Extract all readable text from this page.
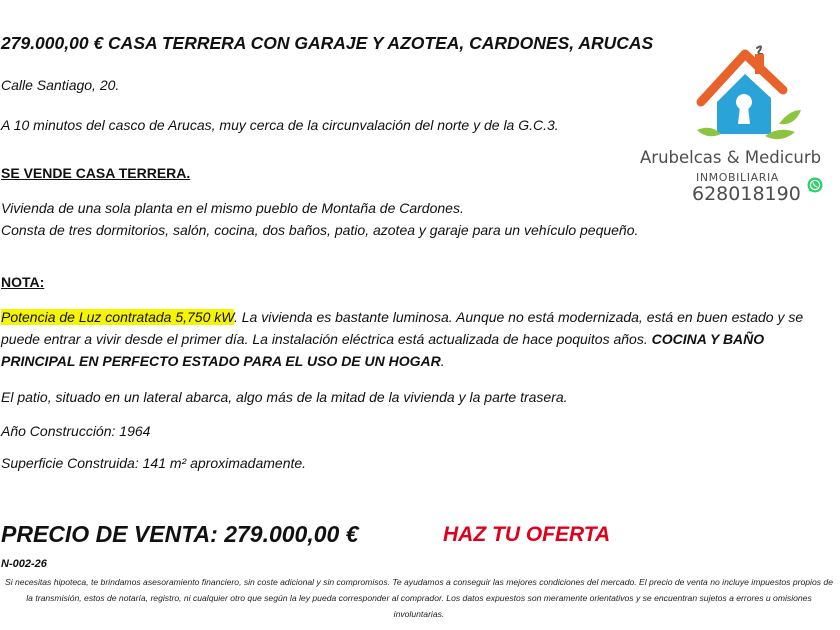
279.000,00 € CASA TERRERA CON GARAJE Y AZOTEA, CARDONES, ARUCAS
Calle Santiago, 20.
A 10 minutos del casco de Arucas, muy cerca de la circunvalación del norte y de la G.C.3.
SE VENDE CASA TERRERA.
Vivienda de una sola planta en el mismo pueblo de Montaña de Cardones.
Consta de tres dormitorios, salón, cocina, dos baños, patio, azotea y garaje para un vehículo pequeño.
NOTA:
Potencia de Luz contratada 5,750 kW. La vivienda es bastante luminosa. Aunque no está modernizada, está en buen estado y se puede entrar a vivir desde el primer día. La instalación eléctrica está actualizada de hace poquitos años. COCINA Y BAÑO PRINCIPAL EN PERFECTO ESTADO PARA EL USO DE UN HOGAR.
El patio, situado en un lateral abarca, algo más de la mitad de la vivienda y la parte trasera.
Año Construcción: 1964
Superficie Construida: 141 m² aproximadamente.
PRECIO DE VENTA: 279.000,00 €	HAZ TU OFERTA
N-002-26
Si necesitas hipoteca, te brindamos asesoramiento financiero, sin coste adicional y sin compromisos. Te ayudamos a conseguir las mejores condiciones del mercado. El precio de venta no incluye impuestos propios de la transmisión, estos de notaría, registro, ni cualquier otro que según la ley pueda corresponder al comprador. Los datos expuestos son meramente orientativos y se encuentran sujetos a errores u omisiones involuntarias.
Arubelcas & Medicurb
INMOBILIARIA
628018190
